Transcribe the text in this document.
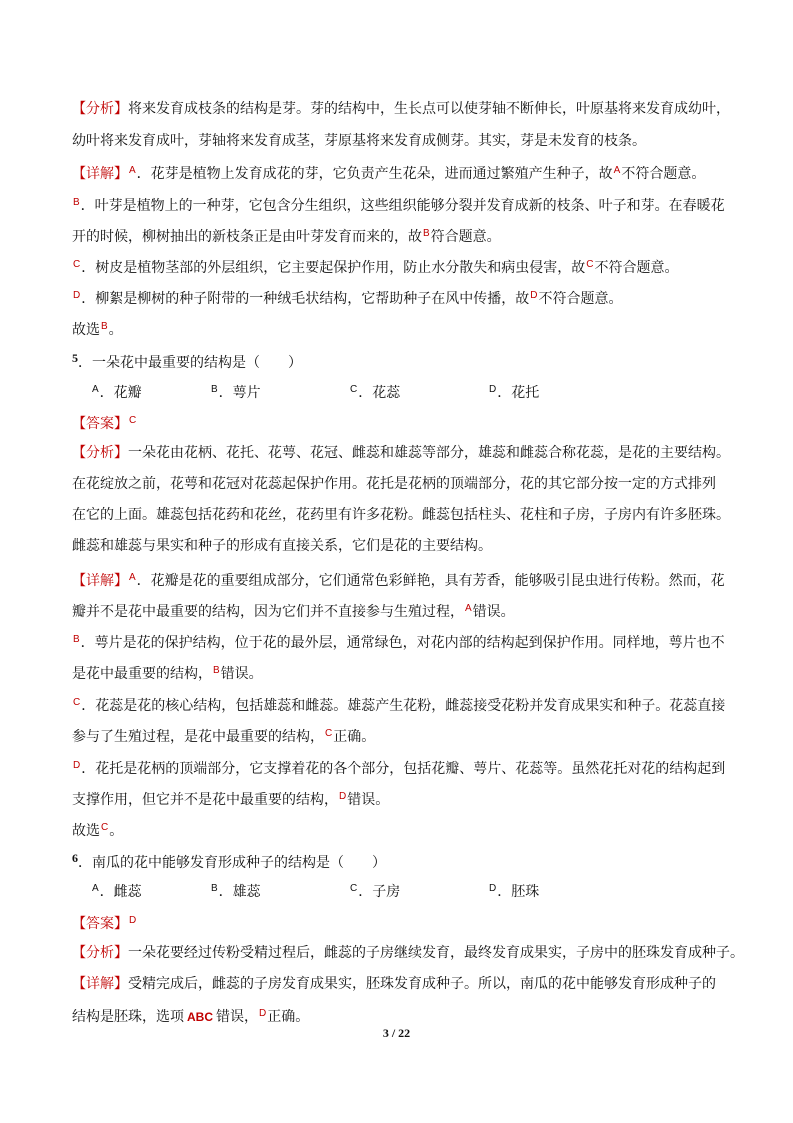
【分析】将来发育成枝条的结构是芽。芽的结构中，生长点可以使芽轴不断伸长，叶原基将来发育成幼叶，
幼叶将来发育成叶，芽轴将来发育成茎，芽原基将来发育成侧芽。其实，芽是未发育的枝条。
【详解】$^A$．花芽是植物上发育成花的芽，它负责产生花朵，进而通过繁殖产生种子，故$^A$不符合题意。
$^B$．叶芽是植物上的一种芽，它包含分生组织，这些组织能够分裂并发育成新的枝条、叶子和芽。在春暖花
开的时候，柳树抽出的新枝条正是由叶芽发育而来的，故$^B$符合题意。
$^C$．树皮是植物茎部的外层组织，它主要起保护作用，防止水分散失和病虫侵害，故$^C$不符合题意。
$^D$．柳絮是柳树的种子附带的一种绒毛状结构，它帮助种子在风中传播，故$^D$不符合题意。
故选$^B$。
5．一朵花中最重要的结构是（　　）
$^A$．花瓣	$^B$．萼片	$^C$．花蕊	$^D$．花托
【答案】$^C$
【分析】一朵花由花柄、花托、花萼、花冠、雌蕊和雄蕊等部分，雄蕊和雌蕊合称花蕊，是花的主要结构。
在花绽放之前，花萼和花冠对花蕊起保护作用。花托是花柄的顶端部分，花的其它部分按一定的方式排列
在它的上面。雄蕊包括花药和花丝，花药里有许多花粉。雌蕊包括柱头、花柱和子房，子房内有许多胚珠。
雌蕊和雄蕊与果实和种子的形成有直接关系，它们是花的主要结构。
【详解】$^A$．花瓣是花的重要组成部分，它们通常色彩鲜艳，具有芳香，能够吸引昆虫进行传粉。然而，花
瓣并不是花中最重要的结构，因为它们并不直接参与生殖过程，$^A$错误。
$^B$．萼片是花的保护结构，位于花的最外层，通常绿色，对花内部的结构起到保护作用。同样地，萼片也不
是花中最重要的结构，$^B$错误。
$^C$．花蕊是花的核心结构，包括雄蕊和雌蕊。雄蕊产生花粉，雌蕊接受花粉并发育成果实和种子。花蕊直接
参与了生殖过程，是花中最重要的结构，$^C$正确。
$^D$．花托是花柄的顶端部分，它支撑着花的各个部分，包括花瓣、萼片、花蕊等。虽然花托对花的结构起到
支撑作用，但它并不是花中最重要的结构，$^D$错误。
故选$^C$。
6．南瓜的花中能够发育形成种子的结构是（　　）
$^A$．雌蕊	$^B$．雄蕊	$^C$．子房	$^D$．胚珠
【答案】$^D$
【分析】一朵花要经过传粉受精过程后，雌蕊的子房继续发育，最终发育成果实，子房中的胚珠发育成种子。
【详解】受精完成后，雌蕊的子房发育成果实，胚珠发育成种子。所以，南瓜的花中能够发育形成种子的
结构是胚珠，选项 ABC 错误，$^D$正确。
3 / 22
